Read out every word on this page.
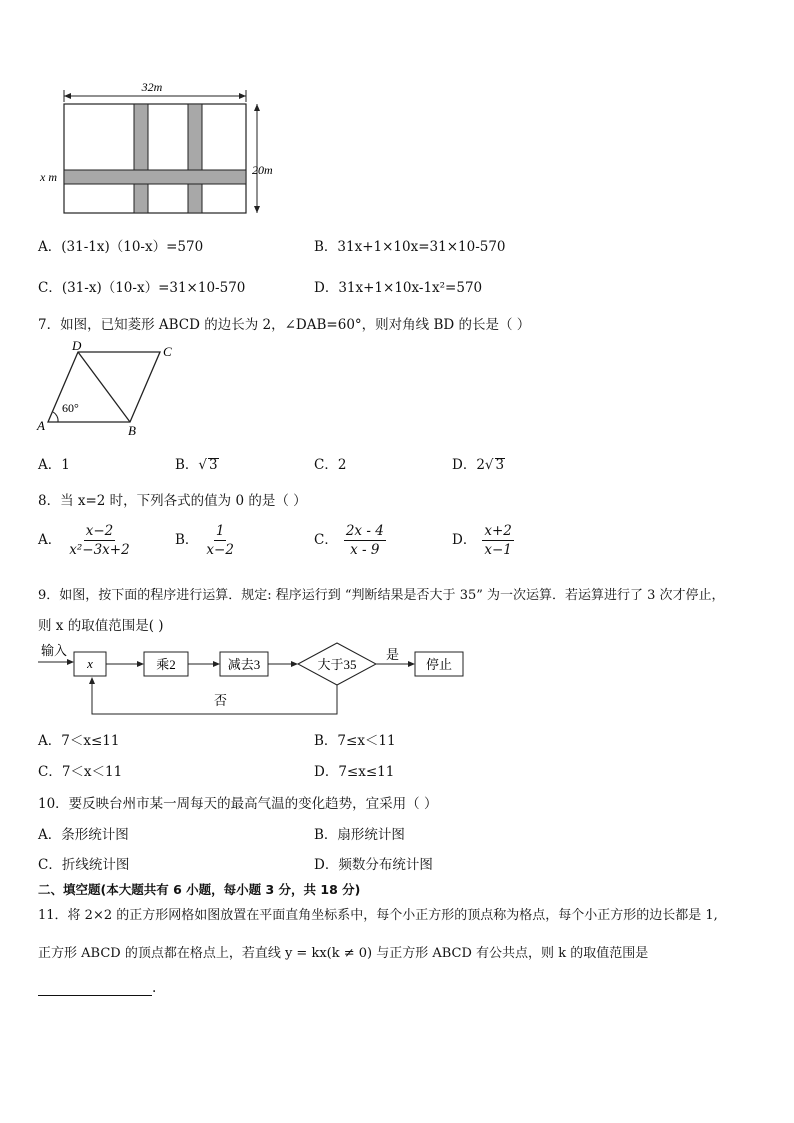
32m
20m
x m
A．(31-1x)（10-x）=570	B．31x+1×10x=31×10-570
C．(31-x)（10-x）=31×10-570	D．31x+1×10x-1x²=570
7．如图，已知菱形 ABCD 的边长为 2，∠DAB=60°，则对角线 BD 的长是（ ）
A	B
C
D
60°
A．1	B．√ 3	C．2	D．2√ 3
8．当 x=2 时，下列各式的值为 0 的是（ ）
A． $\frac{x-2}{\text{x²−3x+2}}$	B． $\frac{1}{x-2}$	C． $\frac{2x - 4}{x - 9}$	D． $\frac{x+2}{x-1}$
9．如图，按下面的程序进行运算．规定: 程序运行到 “判断结果是否大于 35” 为一次运算．若运算进行了 3 次才停止，
则 x 的取值范围是( )
输入
x	乘2	减去3	大于35
是
停止
否
A．7＜x≤11	B．7≤x＜11
C．7＜x＜11	D．7≤x≤11
10．要反映台州市某一周每天的最高气温的变化趋势，宜采用（ ）
A．条形统计图	B．扇形统计图
C．折线统计图	D．频数分布统计图
二、填空题(本大题共有 6 小题，每小题 3 分，共 18 分)
11．将 2×2 的正方形网格如图放置在平面直角坐标系中，每个小正方形的顶点称为格点，每个小正方形的边长都是 1,
正方形 ABCD 的顶点都在格点上，若直线 y = kx(k ≠ 0) 与正方形 ABCD 有公共点，则 k 的取值范围是
.
